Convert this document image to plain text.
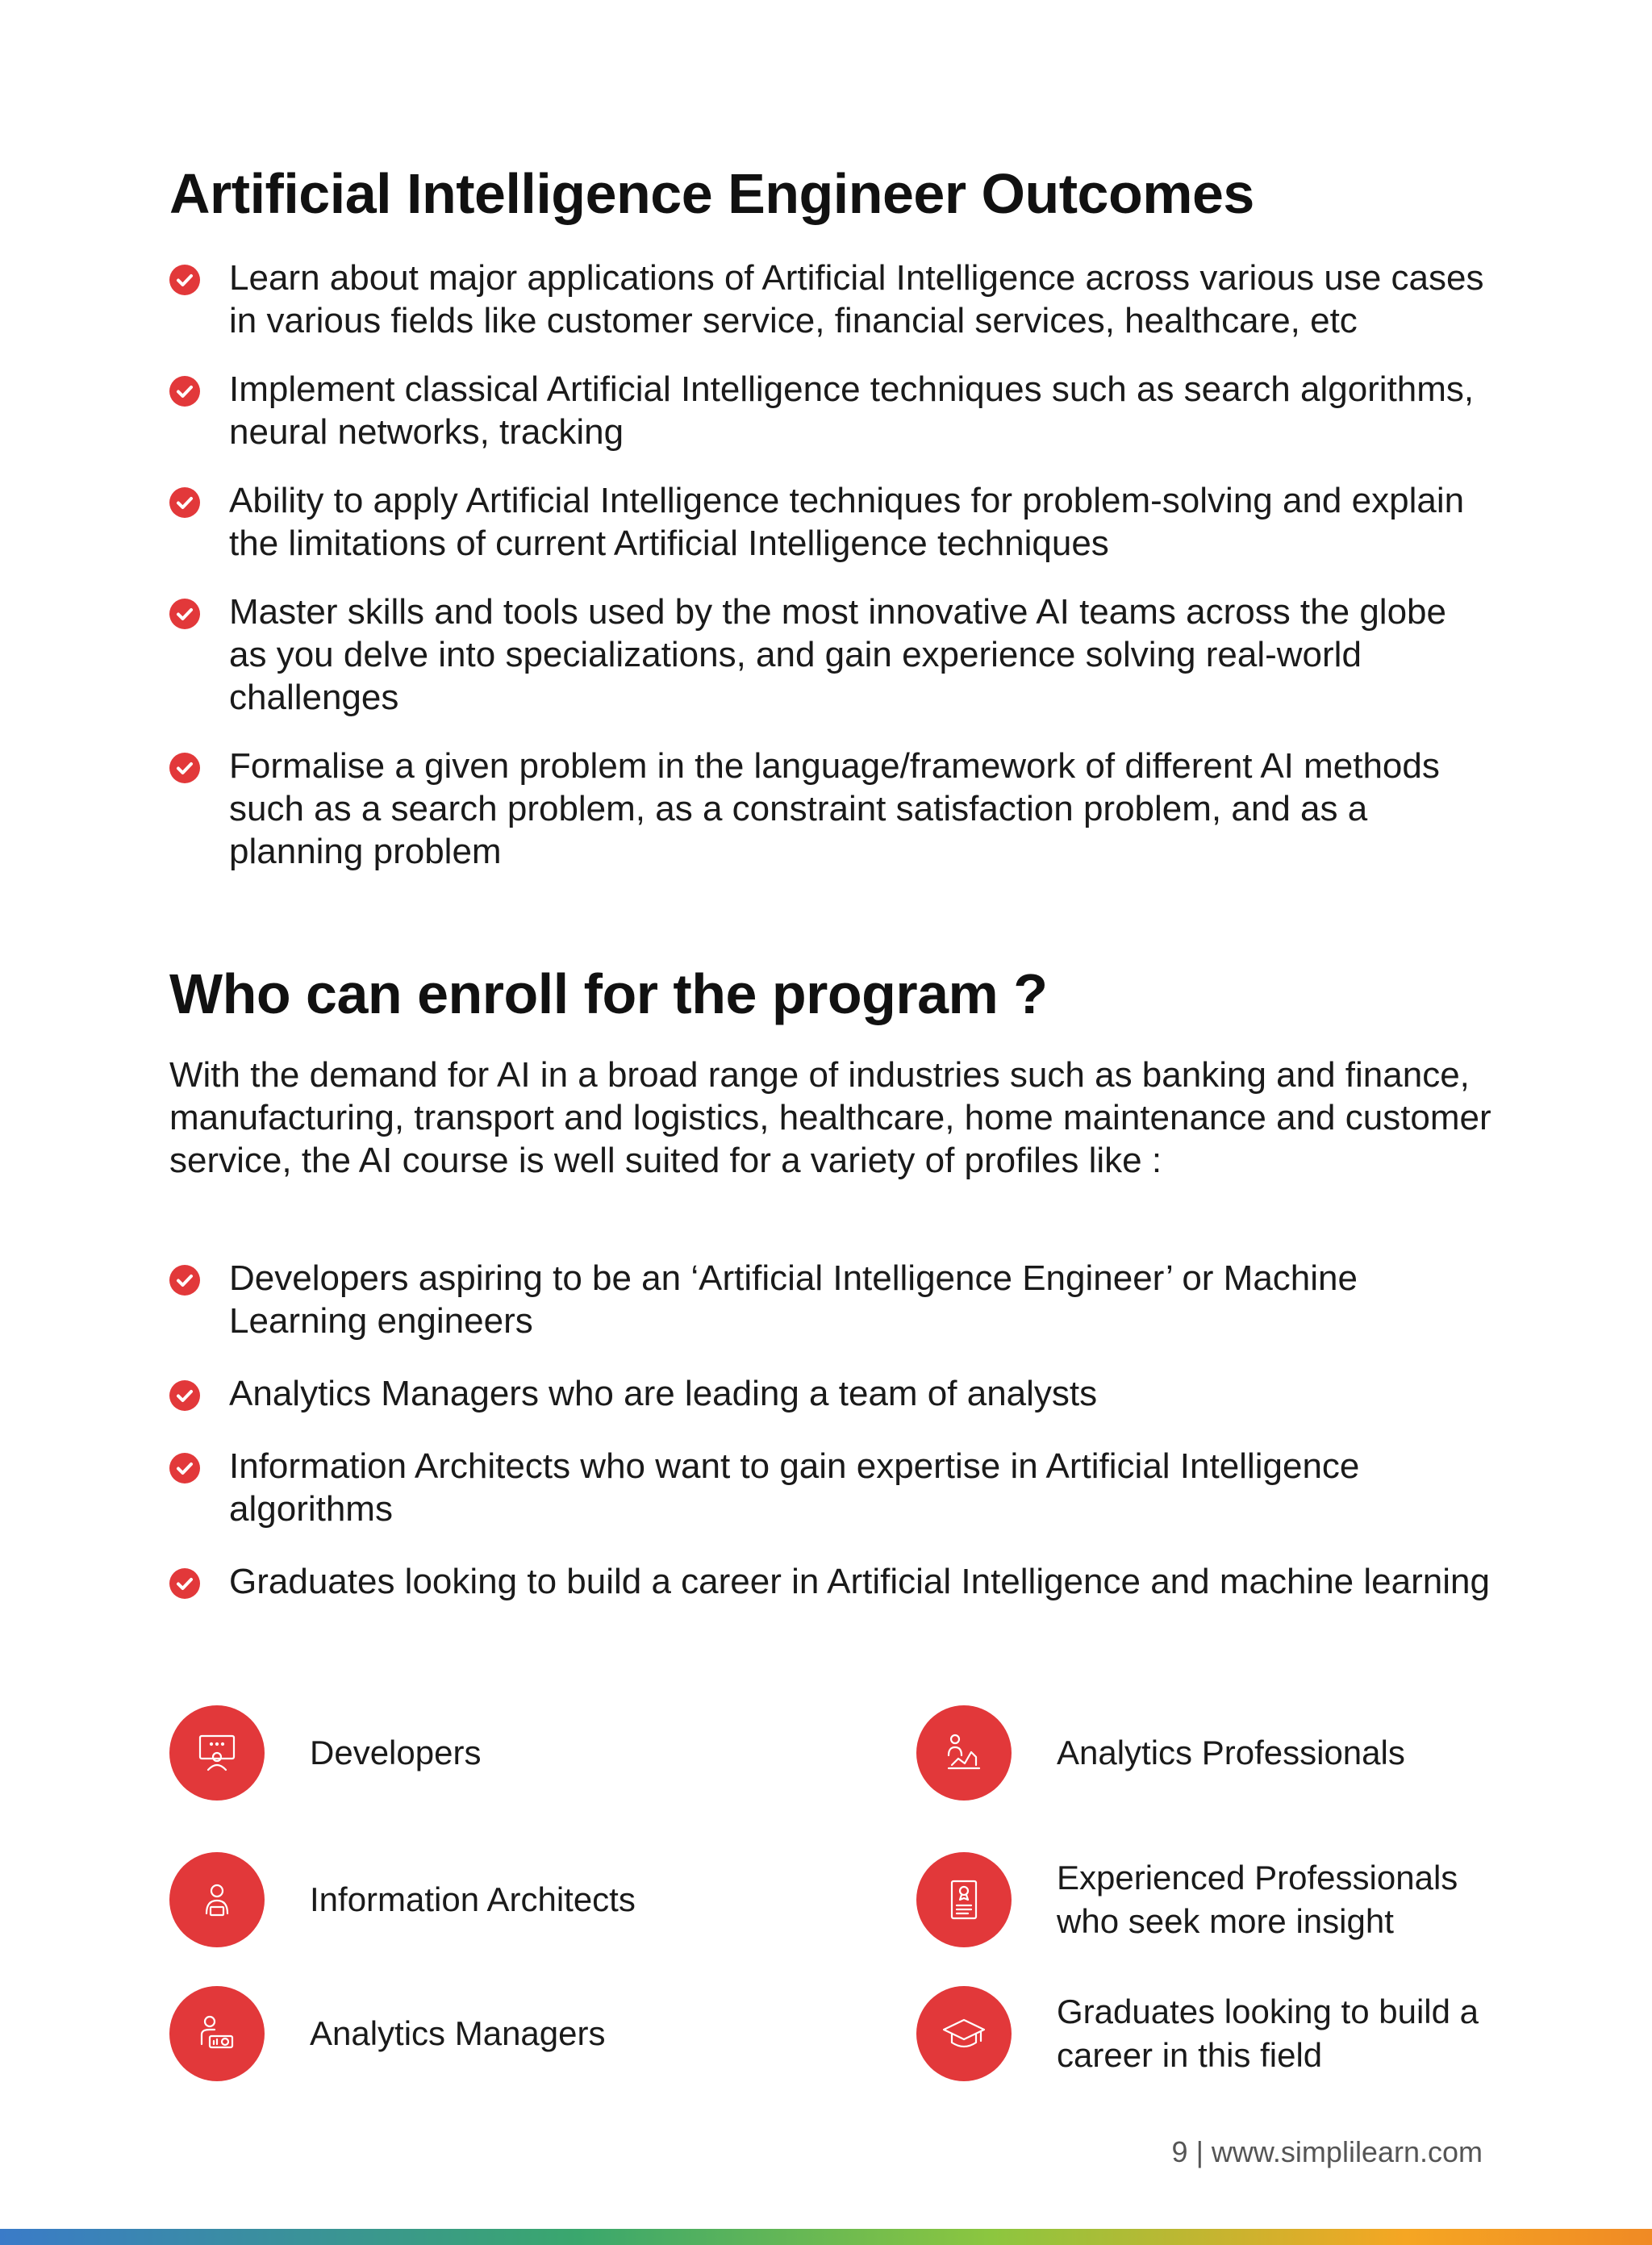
Artificial Intelligence Engineer Outcomes
Learn about major applications of Artificial Intelligence across various use cases in various fields like customer service, financial services, healthcare, etc
Implement classical Artificial Intelligence techniques such as search algorithms, neural networks, tracking
Ability to apply Artificial Intelligence techniques for problem-solving and explain the limitations of current Artificial Intelligence techniques
Master skills and tools used by the most innovative AI teams across the globe as you delve into specializations, and gain experience solving real-world challenges
Formalise a given problem in the language/framework of different AI methods such as a search problem, as a constraint satisfaction problem, and as a planning problem
Who can enroll for the program ?

With the demand for AI in a broad range of industries such as banking and finance, manufacturing, transport and logistics, healthcare, home maintenance and customer service, the AI course is well suited for a variety of profiles like :

Developers aspiring to be an ‘Artificial Intelligence Engineer’ or Machine Learning engineers
Analytics Managers who are leading a team of analysts
Information Architects who want to gain expertise in Artificial Intelligence algorithms
Graduates looking to build a career in Artificial Intelligence and machine learning
Developers
Information Architects
Analytics Managers
Analytics Professionals
Experienced Professionals who seek more insight
Graduates looking to build a career in this field
9 | www.simplilearn.com
